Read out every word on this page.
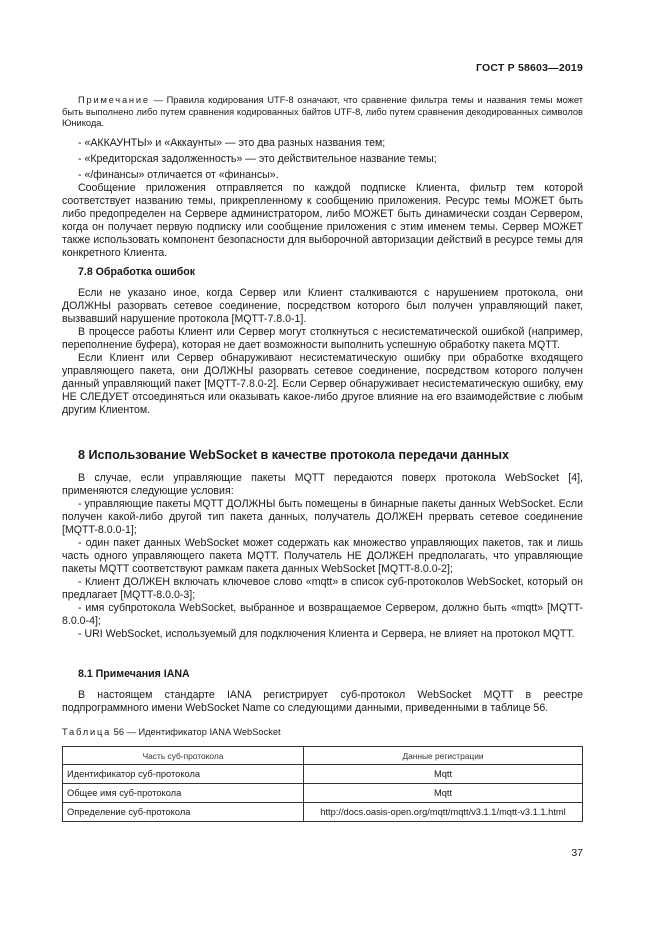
ГОСТ Р 58603—2019

Примечание — Правила кодирования UTF-8 означают, что сравнение фильтра темы и названия темы может быть выполнено либо путем сравнения кодированных байтов UTF-8, либо путем сравнения декодированных символов Юникода.

- «АККАУНТЫ» и «Аккаунты» — это два разных названия тем;

- «Кредиторская задолженность» — это действительное название темы;

- «/финансы» отличается от «финансы».

Сообщение приложения отправляется по каждой подписке Клиента, фильтр тем которой соответствует названию темы, прикрепленному к сообщению приложения. Ресурс темы МОЖЕТ быть либо предопределен на Сервере администратором, либо МОЖЕТ быть динамически создан Сервером, когда он получает первую подписку или сообщение приложения с этим именем темы. Сервер МОЖЕТ также использовать компонент безопасности для выборочной авторизации действий в ресурсе темы для конкретного Клиента.

7.8 Обработка ошибок

Если не указано иное, когда Сервер или Клиент сталкиваются с нарушением протокола, они ДОЛЖНЫ разорвать сетевое соединение, посредством которого был получен управляющий пакет, вызвавший нарушение протокола [MQTT-7.8.0-1].

В процессе работы Клиент или Сервер могут столкнуться с несистематической ошибкой (например, переполнение буфера), которая не дает возможности выполнить успешную обработку пакета MQTT.

Если Клиент или Сервер обнаруживают несистематическую ошибку при обработке входящего управляющего пакета, они ДОЛЖНЫ разорвать сетевое соединение, посредством которого получен данный управляющий пакет [MQTT-7.8.0-2]. Если Сервер обнаруживает несистематическую ошибку, ему НЕ СЛЕДУЕТ отсоединяться или оказывать какое-либо другое влияние на его взаимодействие с любым другим Клиентом.

8 Использование WebSocket в качестве протокола передачи данных

В случае, если управляющие пакеты MQTT передаются поверх протокола WebSocket [4], применяются следующие условия:

- управляющие пакеты MQTT ДОЛЖНЫ быть помещены в бинарные пакеты данных WebSocket. Если получен какой-либо другой тип пакета данных, получатель ДОЛЖЕН прервать сетевое соединение [MQTT-8.0.0-1];

- один пакет данных WebSocket может содержать как множество управляющих пакетов, так и лишь часть одного управляющего пакета MQTT. Получатель НЕ ДОЛЖЕН предполагать, что управляющие пакеты MQTT соответствуют рамкам пакета данных WebSocket [MQTT-8.0.0-2];

- Клиент ДОЛЖЕН включать ключевое слово «mqtt» в список суб-протоколов WebSocket, который он предлагает [MQTT-8.0.0-3];

- имя субпротокола WebSocket, выбранное и возвращаемое Сервером, должно быть «mqtt» [MQTT-8.0.0-4];

- URI WebSocket, используемый для подключения Клиента и Сервера, не влияет на протокол MQTT.

8.1 Примечания IANA

В настоящем стандарте IANA регистрирует суб-протокол WebSocket MQTT в реестре подпрограммного имени WebSocket Name со следующими данными, приведенными в таблице 56.

Таблица 56 — Идентификатор IANA WebSocket
Часть суб-протокола	Данные регистрации
Идентификатор суб-протокола	Mqtt
Общее имя суб-протокола	Mqtt
Определение суб-протокола	http://docs.oasis-open.org/mqtt/mqtt/v3.1.1/mqtt-v3.1.1.html
37
